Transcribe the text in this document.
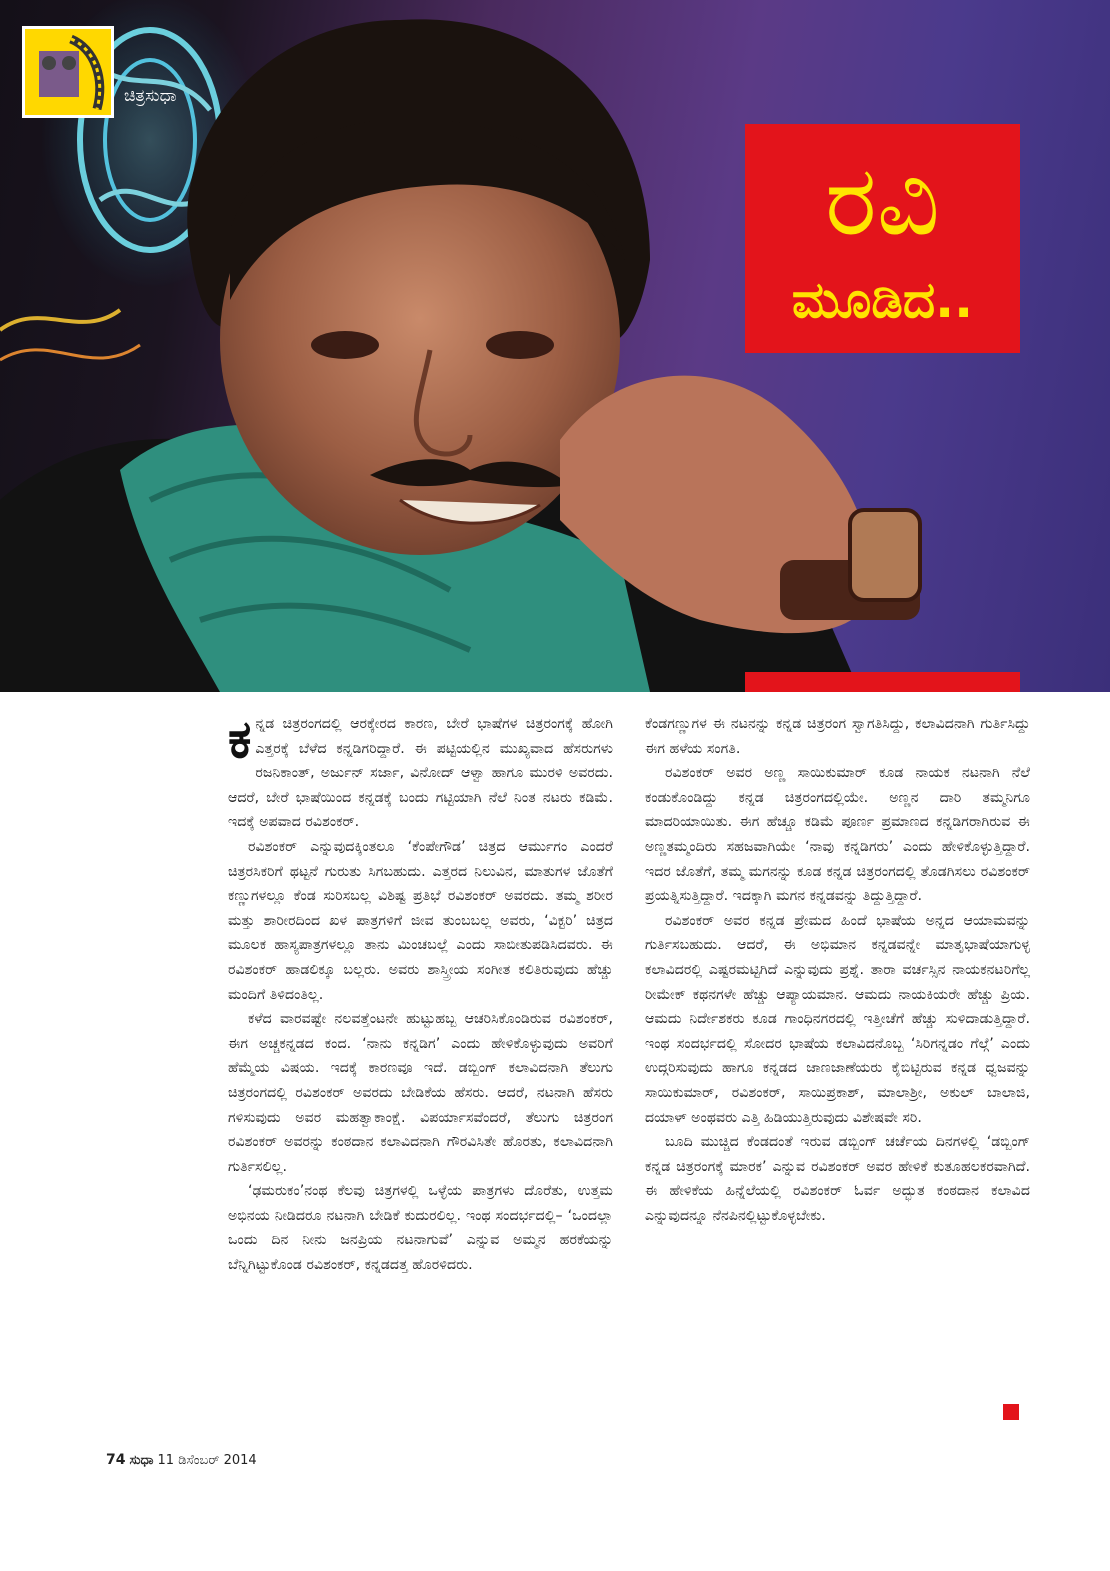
ಚಿತ್ರಸುಧಾ
ರವಿ
ಮೂಡಿದ..

ಕನ್ನಡ ಚಿತ್ರರಂಗದಲ್ಲಿ ಆರಕ್ಕೇರದ ಕಾರಣ, ಬೇರೆ ಭಾಷೆಗಳ ಚಿತ್ರರಂಗಕ್ಕೆ ಹೋಗಿ ಎತ್ತರಕ್ಕೆ ಬೆಳೆದ ಕನ್ನಡಿಗರಿದ್ದಾರೆ. ಈ ಪಟ್ಟಿಯಲ್ಲಿನ ಮುಖ್ಯವಾದ ಹೆಸರುಗಳು ರಜನಿಕಾಂತ್, ಅರ್ಜುನ್ ಸರ್ಜಾ, ವಿನೋದ್ ಆಳ್ವಾ ಹಾಗೂ ಮುರಳಿ ಅವರದು. ಆದರೆ, ಬೇರೆ ಭಾಷೆಯಿಂದ ಕನ್ನಡಕ್ಕೆ ಬಂದು ಗಟ್ಟಿಯಾಗಿ ನೆಲೆ ನಿಂತ ನಟರು ಕಡಿಮೆ. ಇದಕ್ಕೆ ಅಪವಾದ ರವಿಶಂಕರ್.

ರವಿಶಂಕರ್ ಎನ್ನುವುದಕ್ಕಿಂತಲೂ ‘ಕೆಂಪೇಗೌಡ’ ಚಿತ್ರದ ಆರ್ಮುಗಂ ಎಂದರೆ ಚಿತ್ರರಸಿಕರಿಗೆ ಥಟ್ಟನೆ ಗುರುತು ಸಿಗಬಹುದು. ಎತ್ತರದ ನಿಲುವಿನ, ಮಾತುಗಳ ಜೊತೆಗೆ ಕಣ್ಣುಗಳಲ್ಲೂ ಕೆಂಡ ಸುರಿಸಬಲ್ಲ ವಿಶಿಷ್ಟ ಪ್ರತಿಭೆ ರವಿಶಂಕರ್ ಅವರದು. ತಮ್ಮ ಶರೀರ ಮತ್ತು ಶಾರೀರದಿಂದ ಖಳ ಪಾತ್ರಗಳಿಗೆ ಜೀವ ತುಂಬಬಲ್ಲ ಅವರು, ‘ವಿಕ್ಟರಿ’ ಚಿತ್ರದ ಮೂಲಕ ಹಾಸ್ಯಪಾತ್ರಗಳಲ್ಲೂ ತಾನು ಮಿಂಚಬಲ್ಲೆ ಎಂದು ಸಾಬೀತುಪಡಿಸಿದವರು. ಈ ರವಿಶಂಕರ್ ಹಾಡಲಿಕ್ಕೂ ಬಲ್ಲರು. ಅವರು ಶಾಸ್ತ್ರೀಯ ಸಂಗೀತ ಕಲಿತಿರುವುದು ಹೆಚ್ಚು ಮಂದಿಗೆ ತಿಳಿದಂತಿಲ್ಲ.

ಕಳೆದ ವಾರವಷ್ಟೇ ನಲವತ್ತೆಂಟನೇ ಹುಟ್ಟುಹಬ್ಬ ಆಚರಿಸಿಕೊಂಡಿರುವ ರವಿಶಂಕರ್, ಈಗ ಅಚ್ಚಕನ್ನಡದ ಕಂದ. ‘ನಾನು ಕನ್ನಡಿಗ’ ಎಂದು ಹೇಳಿಕೊಳ್ಳುವುದು ಅವರಿಗೆ ಹೆಮ್ಮೆಯ ವಿಷಯ. ಇದಕ್ಕೆ ಕಾರಣವೂ ಇದೆ. ಡಬ್ಬಿಂಗ್ ಕಲಾವಿದನಾಗಿ ತೆಲುಗು ಚಿತ್ರರಂಗದಲ್ಲಿ ರವಿಶಂಕರ್ ಅವರದು ಬೇಡಿಕೆಯ ಹೆಸರು. ಆದರೆ, ನಟನಾಗಿ ಹೆಸರು ಗಳಿಸುವುದು ಅವರ ಮಹತ್ವಾಕಾಂಕ್ಷೆ. ವಿಪರ್ಯಾಸವೆಂದರೆ, ತೆಲುಗು ಚಿತ್ರರಂಗ ರವಿಶಂಕರ್ ಅವರನ್ನು ಕಂಠದಾನ ಕಲಾವಿದನಾಗಿ ಗೌರವಿಸಿತೇ ಹೊರತು, ಕಲಾವಿದನಾಗಿ ಗುರ್ತಿಸಲಿಲ್ಲ.

‘ಢಮರುಕಂ’ನಂಥ ಕೆಲವು ಚಿತ್ರಗಳಲ್ಲಿ ಒಳ್ಳೆಯ ಪಾತ್ರಗಳು ದೊರೆತು, ಉತ್ತಮ ಅಭಿನಯ ನೀಡಿದರೂ ನಟನಾಗಿ ಬೇಡಿಕೆ ಕುದುರಲಿಲ್ಲ. ಇಂಥ ಸಂದರ್ಭದಲ್ಲಿ– ‘ಒಂದಲ್ಲಾ ಒಂದು ದಿನ ನೀನು ಜನಪ್ರಿಯ ನಟನಾಗುವೆ’ ಎನ್ನುವ ಅಮ್ಮನ ಹರಕೆಯನ್ನು ಬೆನ್ನಿಗಿಟ್ಟುಕೊಂಡ ರವಿಶಂಕರ್, ಕನ್ನಡದತ್ತ ಹೊರಳಿದರು.

ಕೆಂಡಗಣ್ಣುಗಳ ಈ ನಟನನ್ನು ಕನ್ನಡ ಚಿತ್ರರಂಗ ಸ್ವಾಗತಿಸಿದ್ದು, ಕಲಾವಿದನಾಗಿ ಗುರ್ತಿಸಿದ್ದು ಈಗ ಹಳೆಯ ಸಂಗತಿ.

ರವಿಶಂಕರ್ ಅವರ ಅಣ್ಣ ಸಾಯಿಕುಮಾರ್ ಕೂಡ ನಾಯಕ ನಟನಾಗಿ ನೆಲೆ ಕಂಡುಕೊಂಡಿದ್ದು ಕನ್ನಡ ಚಿತ್ರರಂಗದಲ್ಲಿಯೇ. ಅಣ್ಣನ ದಾರಿ ತಮ್ಮನಿಗೂ ಮಾದರಿಯಾಯಿತು. ಈಗ ಹೆಚ್ಚೂ ಕಡಿಮೆ ಪೂರ್ಣ ಪ್ರಮಾಣದ ಕನ್ನಡಿಗರಾಗಿರುವ ಈ ಅಣ್ಣತಮ್ಮಂದಿರು ಸಹಜವಾಗಿಯೇ ‘ನಾವು ಕನ್ನಡಿಗರು’ ಎಂದು ಹೇಳಿಕೊಳ್ಳುತ್ತಿದ್ದಾರೆ. ಇದರ ಜೊತೆಗೆ, ತಮ್ಮ ಮಗನನ್ನು ಕೂಡ ಕನ್ನಡ ಚಿತ್ರರಂಗದಲ್ಲಿ ತೊಡಗಿಸಲು ರವಿಶಂಕರ್ ಪ್ರಯತ್ನಿಸುತ್ತಿದ್ದಾರೆ. ಇದಕ್ಕಾಗಿ ಮಗನ ಕನ್ನಡವನ್ನು ತಿದ್ದುತ್ತಿದ್ದಾರೆ.

ರವಿಶಂಕರ್ ಅವರ ಕನ್ನಡ ಪ್ರೇಮದ ಹಿಂದೆ ಭಾಷೆಯ ಅನ್ನದ ಆಯಾಮವನ್ನು ಗುರ್ತಿಸಬಹುದು. ಆದರೆ, ಈ ಅಭಿಮಾನ ಕನ್ನಡವನ್ನೇ ಮಾತೃಭಾಷೆಯಾಗುಳ್ಳ ಕಲಾವಿದರಲ್ಲಿ ಎಷ್ಟರಮಟ್ಟಿಗಿದೆ ಎನ್ನುವುದು ಪ್ರಶ್ನೆ. ತಾರಾ ವರ್ಚಸ್ಸಿನ ನಾಯಕನಟರಿಗೆಲ್ಲ ರೀಮೇಕ್ ಕಥನಗಳೇ ಹೆಚ್ಚು ಆಪ್ಯಾಯಮಾನ. ಆಮದು ನಾಯಕಿಯರೇ ಹೆಚ್ಚು ಪ್ರಿಯ. ಆಮದು ನಿರ್ದೇಶಕರು ಕೂಡ ಗಾಂಧಿನಗರದಲ್ಲಿ ಇತ್ತೀಚೆಗೆ ಹೆಚ್ಚು ಸುಳಿದಾಡುತ್ತಿದ್ದಾರೆ. ಇಂಥ ಸಂದರ್ಭದಲ್ಲಿ ಸೋದರ ಭಾಷೆಯ ಕಲಾವಿದನೊಬ್ಬ ‘ಸಿರಿಗನ್ನಡಂ ಗೆಲ್ಗೆ’ ಎಂದು ಉದ್ಗರಿಸುವುದು ಹಾಗೂ ಕನ್ನಡದ ಜಾಣಜಾಣೆಯರು ಕೈಬಿಟ್ಟಿರುವ ಕನ್ನಡ ಧ್ವಜವನ್ನು ಸಾಯಿಕುಮಾರ್, ರವಿಶಂಕರ್, ಸಾಯಿಪ್ರಕಾಶ್, ಮಾಲಾಶ್ರೀ, ಅಕುಲ್ ಬಾಲಾಜಿ, ದಯಾಳ್ ಅಂಥವರು ಎತ್ತಿ ಹಿಡಿಯುತ್ತಿರುವುದು ವಿಶೇಷವೇ ಸರಿ.

ಬೂದಿ ಮುಚ್ಚಿದ ಕೆಂಡದಂತೆ ಇರುವ ಡಬ್ಬಿಂಗ್ ಚರ್ಚೆಯ ದಿನಗಳಲ್ಲಿ ‘ಡಬ್ಬಿಂಗ್ ಕನ್ನಡ ಚಿತ್ರರಂಗಕ್ಕೆ ಮಾರಕ’ ಎನ್ನುವ ರವಿಶಂಕರ್ ಅವರ ಹೇಳಿಕೆ ಕುತೂಹಲಕರವಾಗಿದೆ. ಈ ಹೇಳಿಕೆಯ ಹಿನ್ನೆಲೆಯಲ್ಲಿ ರವಿಶಂಕರ್ ಓರ್ವ ಅದ್ಭುತ ಕಂಠದಾನ ಕಲಾವಿದ ಎನ್ನುವುದನ್ನೂ ನೆನಪಿನಲ್ಲಿಟ್ಟುಕೊಳ್ಳಬೇಕು.

74 ಸುಧಾ 11 ಡಿಸೆಂಬರ್ 2014
